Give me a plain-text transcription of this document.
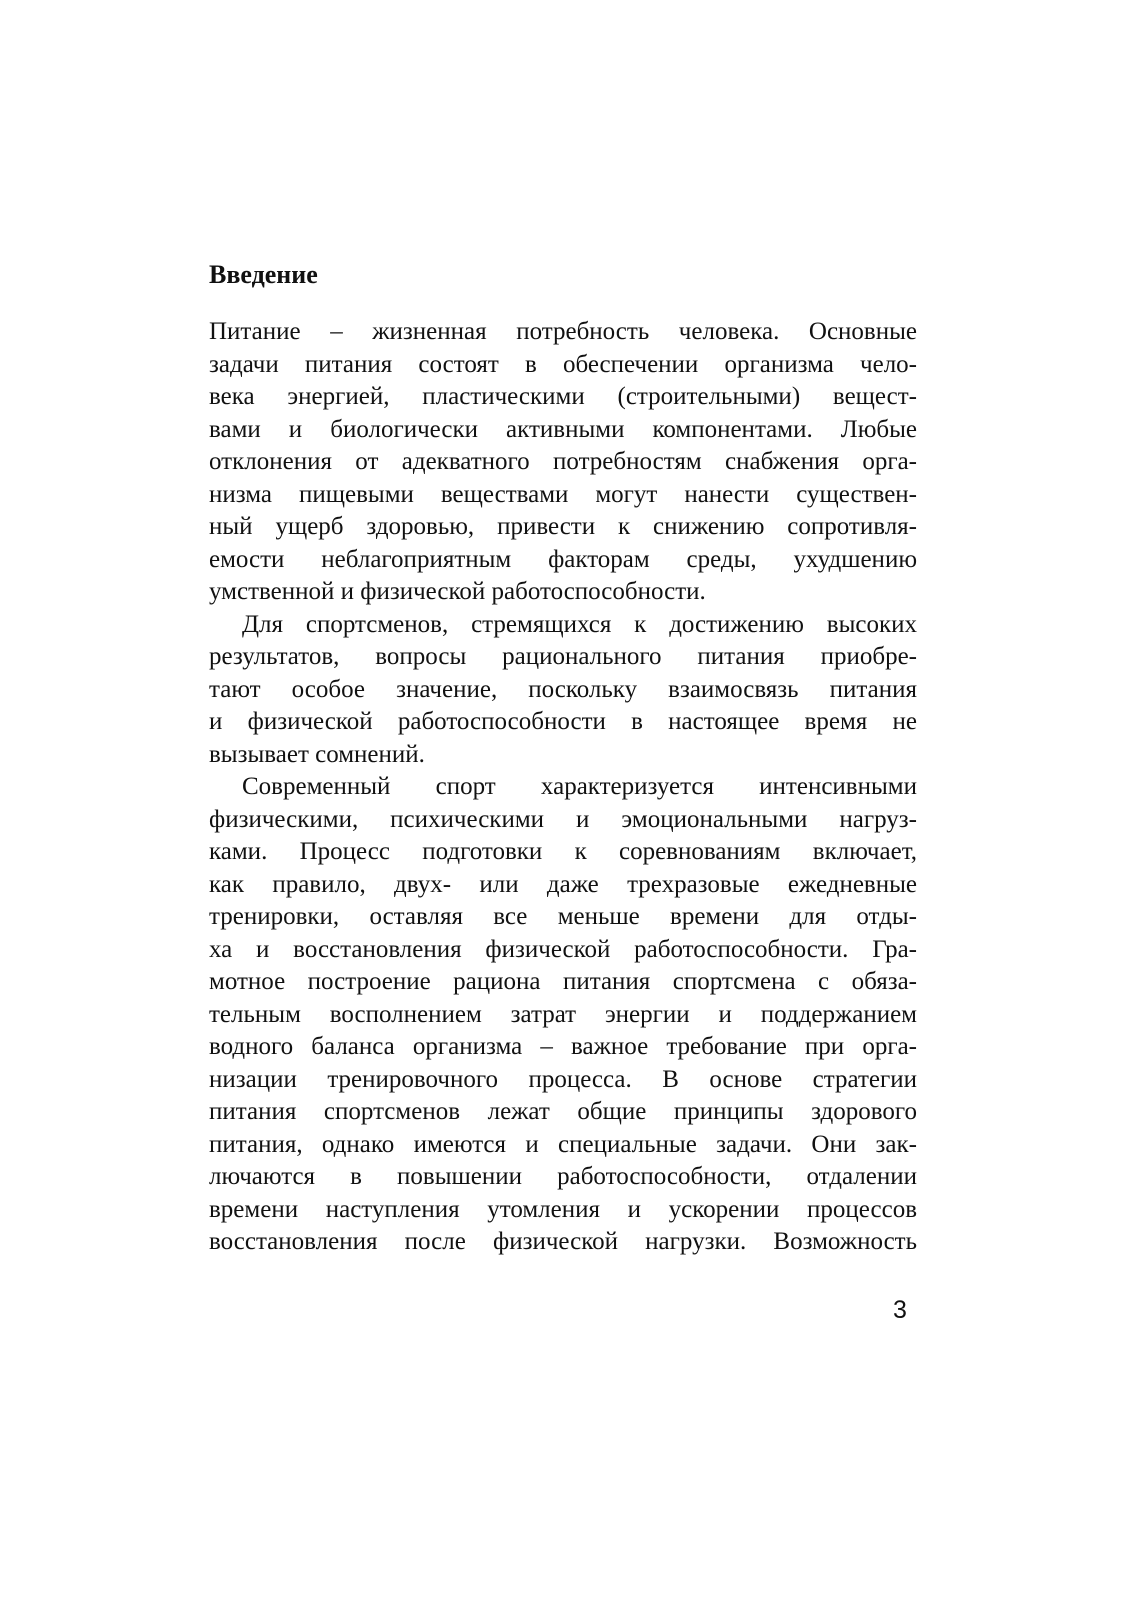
Введение
Питание – жизненная потребность человека. Основные
задачи питания состоят в обеспечении организма чело-
века энергией, пластическими (строительными) вещест-
вами и биологически активными компонентами. Любые
отклонения от адекватного потребностям снабжения орга-
низма пищевыми веществами могут нанести существен-
ный ущерб здоровью, привести к снижению сопротивля-
емости неблагоприятным факторам среды, ухудшению
умственной и физической работоспособности.
Для спортсменов, стремящихся к достижению высоких
результатов, вопросы рационального питания приобре-
тают особое значение, поскольку взаимосвязь питания
и физической работоспособности в настоящее время не
вызывает сомнений.
Современный спорт характеризуется интенсивными
физическими, психическими и эмоциональными нагруз-
ками. Процесс подготовки к соревнованиям включает,
как правило, двух- или даже трехразовые ежедневные
тренировки, оставляя все меньше времени для отды-
ха и восстановления физической работоспособности. Гра-
мотное построение рациона питания спортсмена с обяза-
тельным восполнением затрат энергии и поддержанием
водного баланса организма – важное требование при орга-
низации тренировочного процесса. В основе стратегии
питания спортсменов лежат общие принципы здорового
питания, однако имеются и специальные задачи. Они зак-
лючаются в повышении работоспособности, отдалении
времени наступления утомления и ускорении процессов
восстановления после физической нагрузки. Возможность
3
